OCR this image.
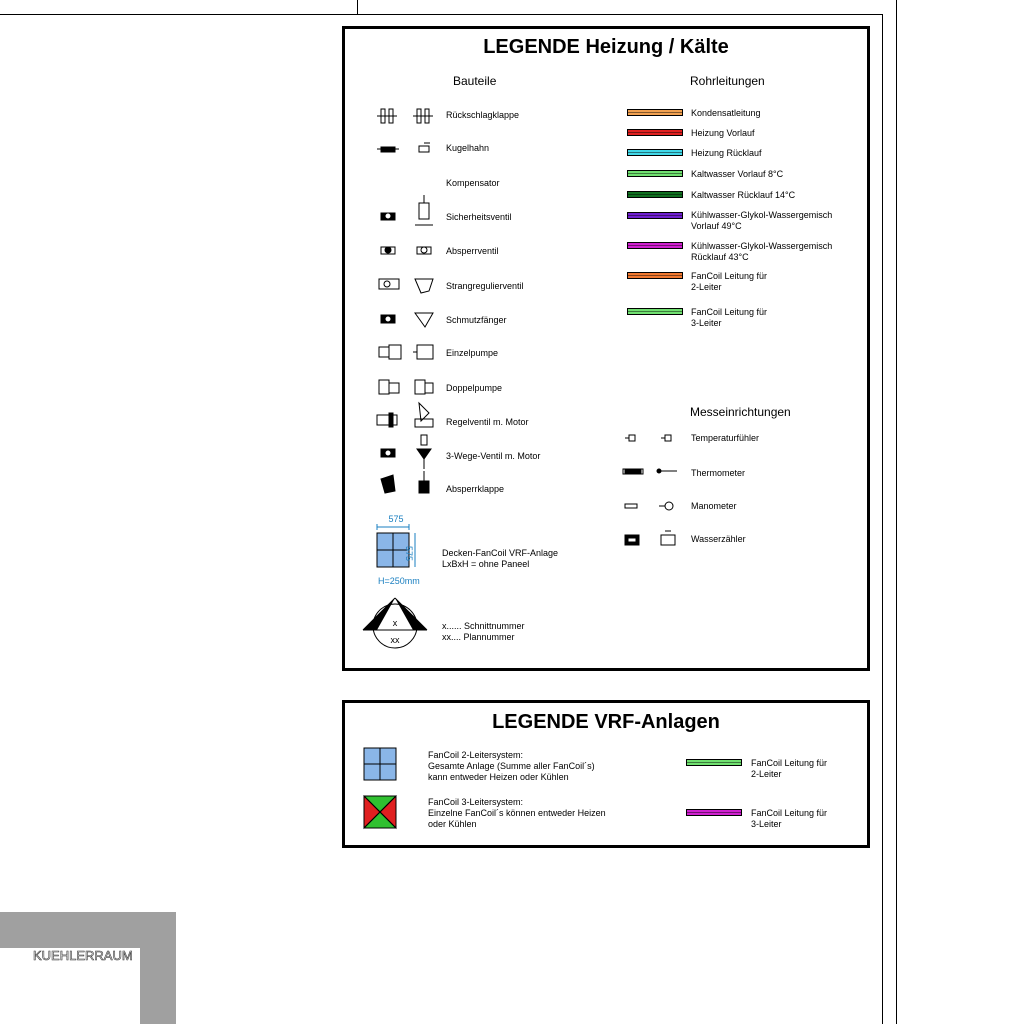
LEGENDE Heizung / Kälte
Bauteile	Rohrleitungen
Messeinrichtungen
Rückschlagklappe
Kugelhahn
Kompensator
Sicherheitsventil
Absperrventil
Strangregulierventil
Schmutzfänger
Einzelpumpe
Doppelpumpe
Regelventil m. Motor
3-Wege-Ventil m. Motor
Absperrklappe
575
575
H=250mm
Decken-FanCoil VRF-Anlage
LxBxH = ohne Paneel
x
xx
x...... Schnittnummer
xx.... Plannummer
Kondensatleitung
Heizung Vorlauf
Heizung Rücklauf
Kaltwasser Vorlauf 8°C
Kaltwasser Rücklauf 14°C
Kühlwasser-Glykol-Wassergemisch
Vorlauf 49°C
Kühlwasser-Glykol-Wassergemisch
Rücklauf 43°C
FanCoil Leitung für
2-Leiter
FanCoil Leitung für
3-Leiter
Temperaturfühler
Thermometer
Manometer
Wasserzähler
LEGENDE VRF-Anlagen
FanCoil 2-Leitersystem:
Gesamte Anlage (Summe aller FanCoil´s)
kann entweder Heizen oder Kühlen
FanCoil 3-Leitersystem:
Einzelne FanCoil´s können entweder Heizen
oder Kühlen
FanCoil Leitung für
2-Leiter
FanCoil Leitung für
3-Leiter
KUEHLERRAUM
